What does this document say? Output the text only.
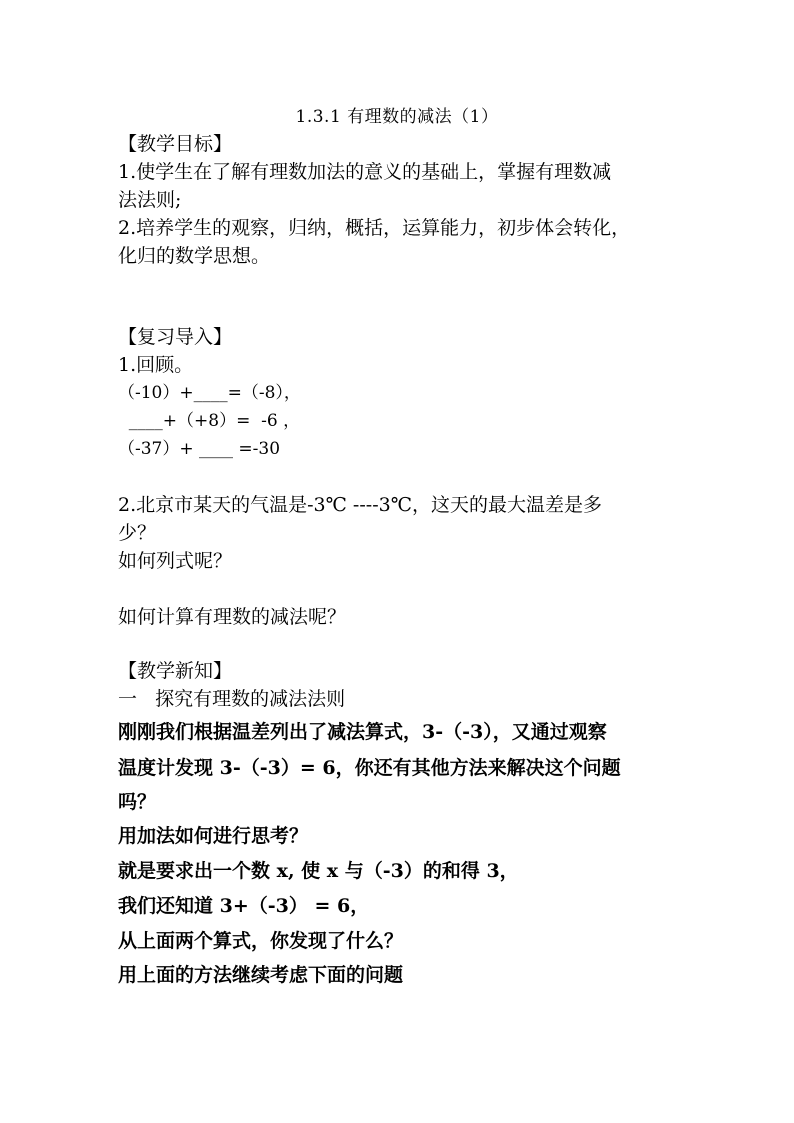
1.3.1 有理数的减法（1）
【教学目标】
1.使学生在了解有理数加法的意义的基础上，掌握有理数减
法法则;
2.培养学生的观察，归纳，概括，运算能力，初步体会转化，
化归的数学思想。
【复习导入】
1.回顾。
（-10）+____=（-8），
____+（+8）=  -6 ，
（-37）+ ____ =-30
2.北京市某天的气温是-3℃ ----3℃，这天的最大温差是多
少？
如何列式呢？
如何计算有理数的减法呢？
【教学新知】
一   探究有理数的减法法则
刚刚我们根据温差列出了减法算式，3-（-3），又通过观察
温度计发现 3-（-3）= 6，你还有其他方法来解决这个问题
吗？
用加法如何进行思考？
就是要求出一个数 x, 使 x 与（-3）的和得 3，
我们还知道 3+（-3） = 6，
从上面两个算式，你发现了什么？
用上面的方法继续考虑下面的问题
